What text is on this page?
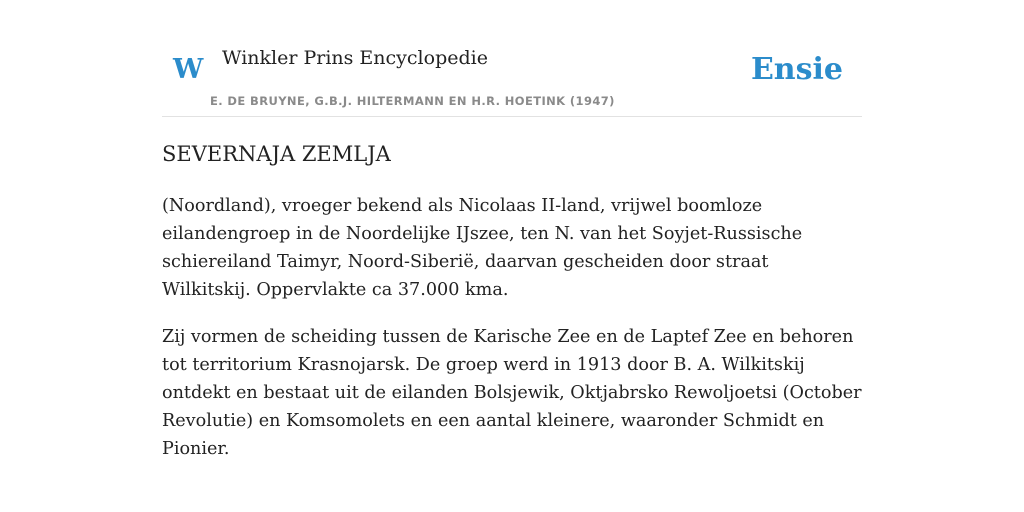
W Winkler Prins Encyclopedie
E. DE BRUYNE, G.B.J. HILTERMANN EN H.R. HOETINK (1947)
Ensie
SEVERNAJA ZEMLJA

(Noordland), vroeger bekend als Nicolaas II-land, vrijwel boomloze eilandengroep in de Noordelijke IJszee, ten N. van het Soyjet-Russische schiereiland Taimyr, Noord-Siberië, daarvan gescheiden door straat Wilkitskij. Oppervlakte ca 37.000 kma.

Zij vormen de scheiding tussen de Karische Zee en de Laptef Zee en behoren tot territorium Krasnojarsk. De groep werd in 1913 door B. A. Wilkitskij ontdekt en bestaat uit de eilanden Bolsjewik, Oktjabrsko Rewoljoetsi (October Revolutie) en Komsomolets en een aantal kleinere, waaronder Schmidt en Pionier.
